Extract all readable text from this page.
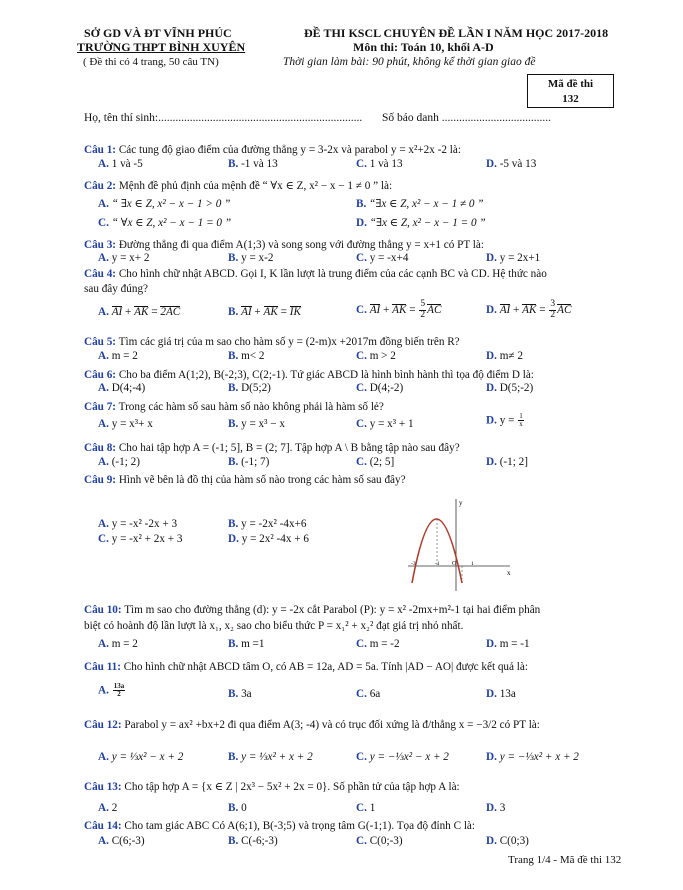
SỞ GD VÀ ĐT VĨNH PHÚC
TRƯỜNG THPT BÌNH XUYÊN
( Đề thi có 4 trang, 50 câu TN)
ĐỀ THI KSCL CHUYÊN ĐỀ LẦN I NĂM HỌC 2017-2018
Môn thi: Toán 10, khối A-D
Thời gian làm bài: 90 phút, không kể thời gian giao đề
Mã đề thi
132
Họ, tên thí sinh:....................................................................... Số báo danh ......................................
Câu 1: Các tung độ giao điểm của đường thẳng y = 3-2x và parabol y = x²+2x -2 là:
A. 1 và -5	B. -1 và 13	C. 1 và 13	D. -5 và 13
Câu 2: Mệnh đề phủ định của mệnh đề “ ∀x ∈ Z, x² − x − 1 ≠ 0 ” là:
A. “ ∃x ∈ Z, x² − x − 1 > 0 ”	B. “∃x ∈ Z, x² − x − 1 ≠ 0 ”
C. “ ∀x ∈ Z, x² − x − 1 = 0 ”	D. “∃x ∈ Z, x² − x − 1 = 0 ”
Câu 3: Đường thẳng đi qua điểm A(1;3) và song song với đường thẳng y = x+1 có PT là:
A. y = x+ 2	B. y = x-2	C. y = -x+4	D. y = 2x+1
Câu 4: Cho hình chữ nhật ABCD. Gọi I, K lần lượt là trung điểm của các cạnh BC và CD. Hệ thức nào
sau đây đúng?
A. AI + AK = 2AC	B. AI + AK = IK	C. AI + AK = $\frac{5}{2}$ AC	D. AI + AK = $\frac{3}{2}$ AC
Câu 5: Tìm các giá trị của m sao cho hàm số y = (2-m)x +2017m đồng biến trên R?
A. m = 2	B. m< 2	C. m > 2	D. m≠ 2
Câu 6: Cho ba điểm A(1;2), B(-2;3), C(2;-1). Tứ giác ABCD là hình bình hành thì tọa độ điểm D là:
A. D(4;-4)	B. D(5;2)	C. D(4;-2)	D. D(5;-2)
Câu 7: Trong các hàm số sau hàm số nào không phải là hàm số lẻ?
A. y = x³+ x	B. y = x³ − x	C. y = x³ + 1	D. $y = \frac{1}{x}$
Câu 8: Cho hai tập hợp A = (-1; 5], B = (2; 7]. Tập hợp A \ B bằng tập nào sau đây?
A. (-1; 2)	B. (-1; 7)	C. (2; 5]	D. (-1; 2]
Câu 9: Hình vẽ bên là đồ thị của hàm số nào trong các hàm số sau đây?
A. y = -x² -2x + 3	B. y = -2x² -4x+6
C. y = -x² + 2x + 3	D. y = 2x² -4x + 6
y
x
-3	-1 O	1
Câu 10: Tìm m sao cho đường thẳng (d): y = -2x cắt Parabol (P): y = x² -2mx+m²-1 tại hai điểm phân
biệt có hoành độ lần lượt là x₁, x₂ sao cho biểu thức P = x₁² + x₂² đạt giá trị nhỏ nhất.
A. m = 2	B. m =1	C. m = -2	D. m = -1
Câu 11: Cho hình chữ nhật ABCD tâm O, có AB = 12a, AD = 5a. Tính |AD − AO| được kết quả là:
A. $\frac{13a}{2}$	B. 3a	C. 6a	D. 13a
Câu 12: Parabol y = ax² +bx+2 đi qua điểm A(3; -4) và có trục đối xứng là đ/thẳng x = −3/2 có PT là:
A. y = ⅓x² − x + 2	B. y = ⅓x² + x + 2	C. y = −⅓x² − x + 2	D. y = −⅓x² + x + 2
Câu 13: Cho tập hợp A = {x ∈ Z | 2x³ − 5x² + 2x = 0}. Số phần tử của tập hợp A là:
A. 2	B. 0	C. 1	D. 3
Câu 14: Cho tam giác ABC Có A(6;1), B(-3;5) và trọng tâm G(-1;1). Tọa độ đỉnh C là:
A. C(6;-3)	B. C(-6;-3)	C. C(0;-3)	D. C(0;3)
Trang 1/4 - Mã đề thi 132
